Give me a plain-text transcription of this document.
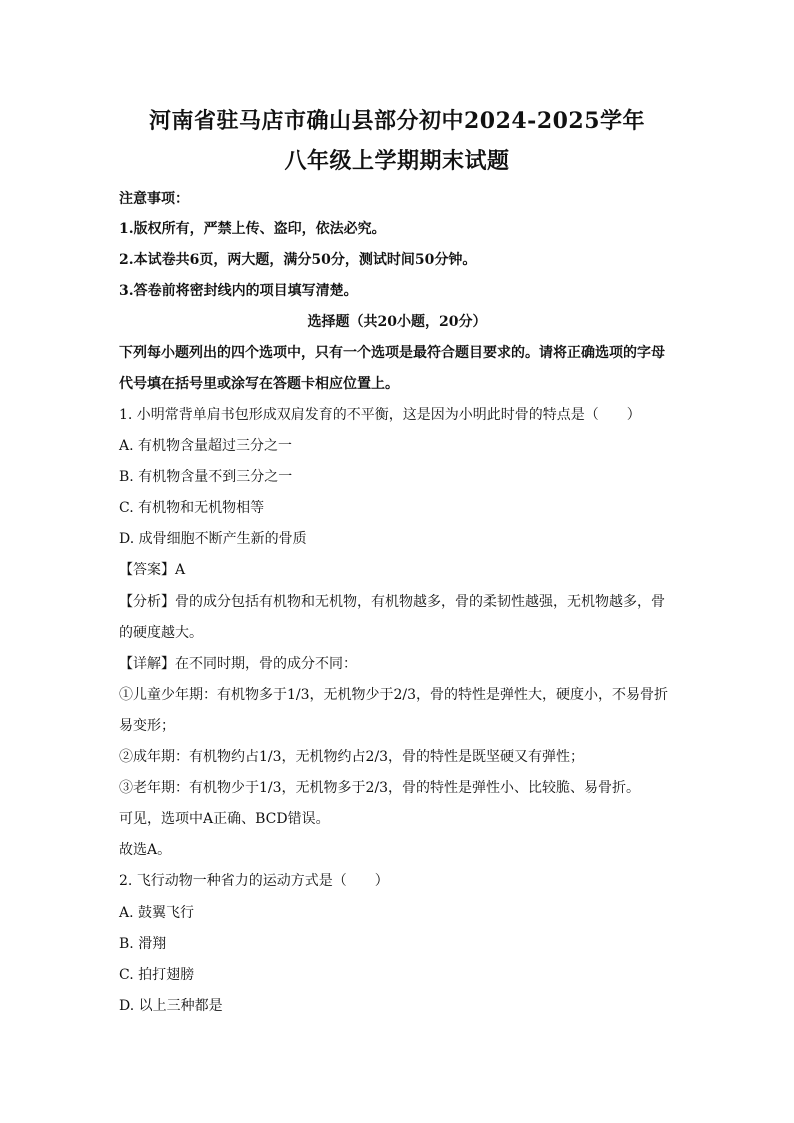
河南省驻马店市确山县部分初中2024-2025学年
八年级上学期期末试题
注意事项：
1.版权所有，严禁上传、盗印，依法必究。
2.本试卷共6页，两大题，满分50分，测试时间50分钟。
3.答卷前将密封线内的项目填写清楚。
选择题（共20小题，20分）
下列每小题列出的四个选项中，只有一个选项是最符合题目要求的。请将正确选项的字母
代号填在括号里或涂写在答题卡相应位置上。
1. 小明常背单肩书包形成双肩发育的不平衡，这是因为小明此时骨的特点是（　　）
A. 有机物含量超过三分之一
B. 有机物含量不到三分之一
C. 有机物和无机物相等
D. 成骨细胞不断产生新的骨质
【答案】A
【分析】骨的成分包括有机物和无机物，有机物越多，骨的柔韧性越强，无机物越多，骨
的硬度越大。
【详解】在不同时期，骨的成分不同：
①儿童少年期：有机物多于1/3，无机物少于2/3，骨的特性是弹性大，硬度小，不易骨折
易变形；
②成年期：有机物约占1/3，无机物约占2/3，骨的特性是既坚硬又有弹性；
③老年期：有机物少于1/3，无机物多于2/3，骨的特性是弹性小、比较脆、易骨折。
可见，选项中A正确、BCD错误。
故选A。
2. 飞行动物一种省力的运动方式是（　　）
A. 鼓翼飞行
B. 滑翔
C. 拍打翅膀
D. 以上三种都是
